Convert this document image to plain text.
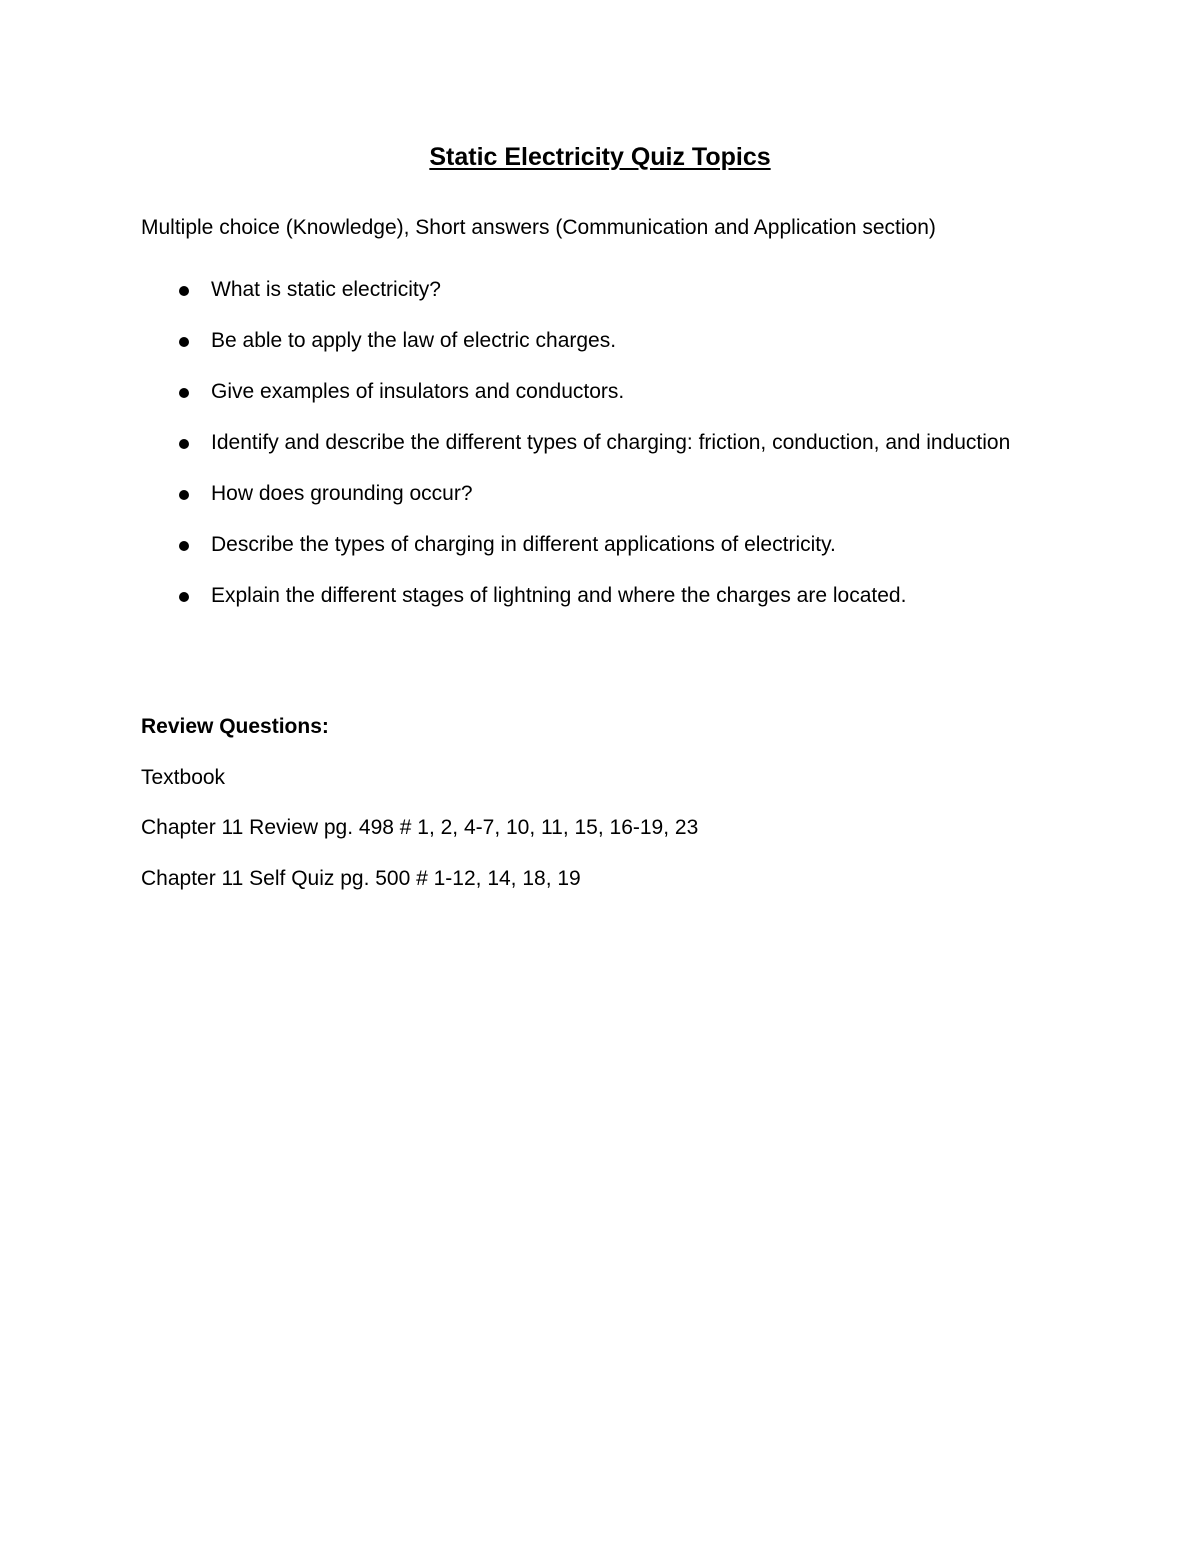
Static Electricity Quiz Topics
Multiple choice (Knowledge), Short answers (Communication and Application section)
What is static electricity?
Be able to apply the law of electric charges.
Give examples of insulators and conductors.
Identify and describe the different types of charging: friction, conduction, and induction
How does grounding occur?
Describe the types of charging in different applications of electricity.
Explain the different stages of lightning and where the charges are located.
Review Questions:
Textbook
Chapter 11 Review pg. 498 # 1, 2, 4-7, 10, 11, 15, 16-19, 23
Chapter 11 Self Quiz pg. 500 # 1-12, 14, 18, 19
